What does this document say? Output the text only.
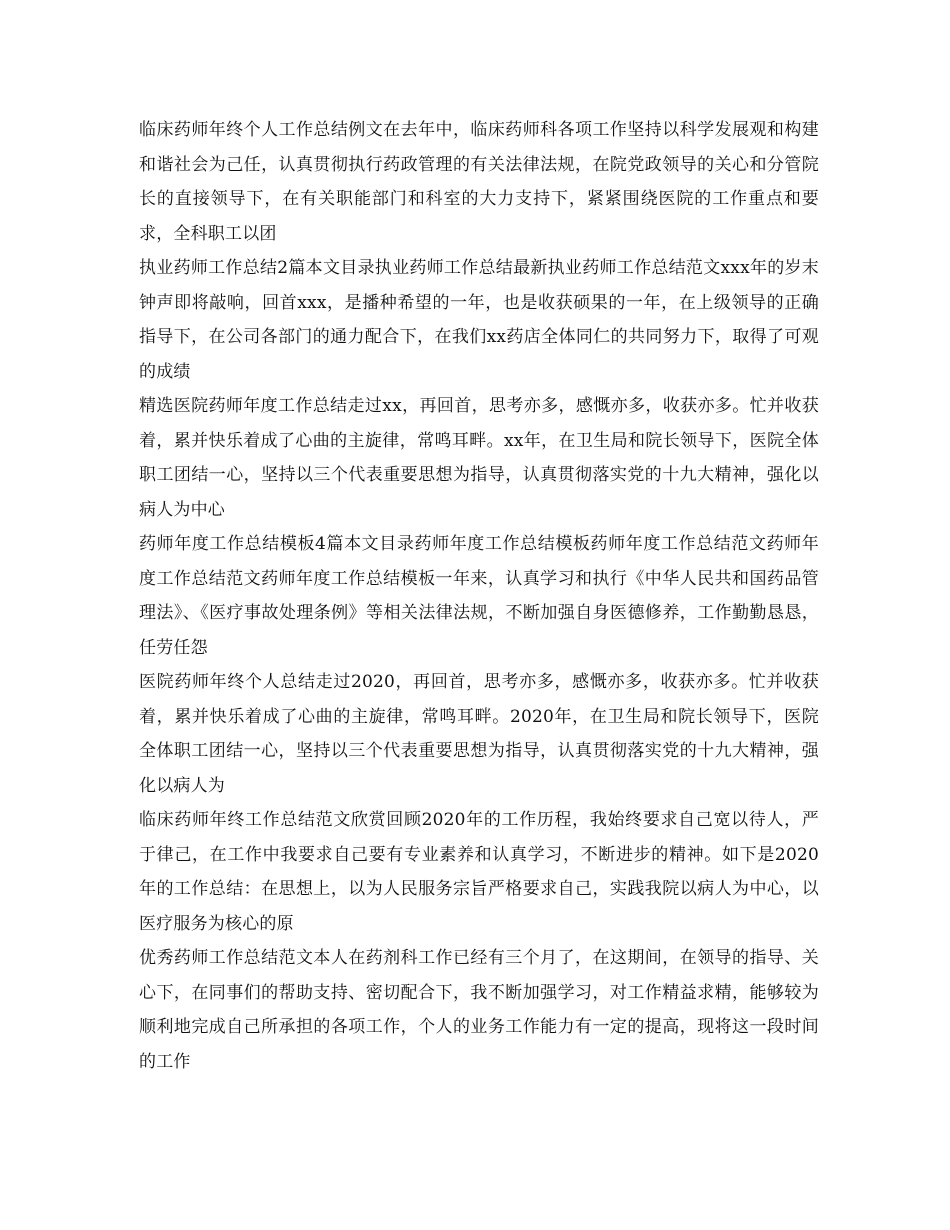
临床药师年终个人工作总结例文在去年中，临床药师科各项工作坚持以科学发展观和构建和谐社会为己任，认真贯彻执行药政管理的有关法律法规，在院党政领导的关心和分管院长的直接领导下，在有关职能部门和科室的大力支持下，紧紧围绕医院的工作重点和要求，全科职工以团

执业药师工作总结2篇本文目录执业药师工作总结最新执业药师工作总结范文xxx年的岁末钟声即将敲响，回首xxx，是播种希望的一年，也是收获硕果的一年，在上级领导的正确指导下，在公司各部门的通力配合下，在我们xx药店全体同仁的共同努力下，取得了可观的成绩

精选医院药师年度工作总结走过xx，再回首，思考亦多，感慨亦多，收获亦多。忙并收获着，累并快乐着成了心曲的主旋律，常鸣耳畔。xx年，在卫生局和院长领导下，医院全体职工团结一心，坚持以三个代表重要思想为指导，认真贯彻落实党的十九大精神，强化以病人为中心

药师年度工作总结模板4篇本文目录药师年度工作总结模板药师年度工作总结范文药师年度工作总结范文药师年度工作总结模板一年来，认真学习和执行《中华人民共和国药品管理法》、《医疗事故处理条例》等相关法律法规，不断加强自身医德修养，工作勤勤恳恳，任劳任怨

医院药师年终个人总结走过2020，再回首，思考亦多，感慨亦多，收获亦多。忙并收获着，累并快乐着成了心曲的主旋律，常鸣耳畔。2020年，在卫生局和院长领导下，医院全体职工团结一心，坚持以三个代表重要思想为指导，认真贯彻落实党的十九大精神，强化以病人为

临床药师年终工作总结范文欣赏回顾2020年的工作历程，我始终要求自己宽以待人，严于律己，在工作中我要求自己要有专业素养和认真学习，不断进步的精神。如下是2020年的工作总结：在思想上，以为人民服务宗旨严格要求自己，实践我院以病人为中心，以医疗服务为核心的原

优秀药师工作总结范文本人在药剂科工作已经有三个月了，在这期间，在领导的指导、关心下，在同事们的帮助支持、密切配合下，我不断加强学习，对工作精益求精，能够较为顺利地完成自己所承担的各项工作，个人的业务工作能力有一定的提高，现将这一段时间的工作
